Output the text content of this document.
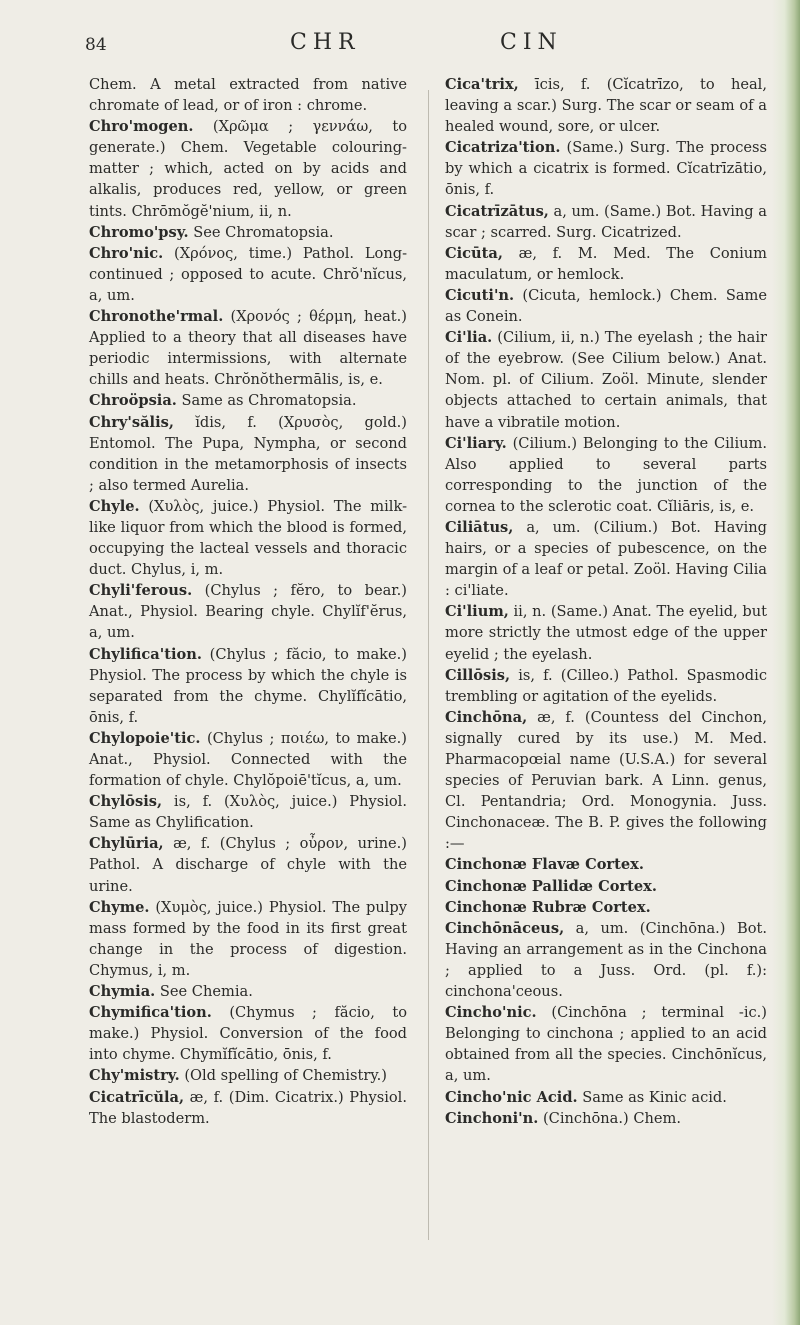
84	CHR	CIN

Chem. A metal extracted from native chromate of lead, or of iron : chrome.

Chro'mogen. (Χρῶμα ; γεννάω, to generate.) Chem. Vegetable colouring-matter ; which, acted on by acids and alkalis, produces red, yellow, or green tints. Chrōmŏgĕ'nium, ii, n.

Chromo'psy. See Chromatopsia.

Chro'nic. (Χρόνος, time.) Pathol. Long-continued ; opposed to acute. Chrŏ'nĭcus, a, um.

Chronothe'rmal. (Χρονός ; θέρμη, heat.) Applied to a theory that all diseases have periodic intermissions, with alternate chills and heats. Chrŏnŏthermālis, is, e.

Chroöpsia. Same as Chromatopsia.

Chry'sălis, ĭdis, f. (Χρυσὸς, gold.) Entomol. The Pupa, Nympha, or second condition in the metamorphosis of insects ; also termed Aurelia.

Chyle. (Χυλὸς, juice.) Physiol. The milk-like liquor from which the blood is formed, occupying the lacteal vessels and thoracic duct. Chylus, i, m.

Chyli'ferous. (Chylus ; fĕro, to bear.) Anat., Physiol. Bearing chyle. Chylĭf'ĕrus, a, um.

Chylifica'tion. (Chylus ; făcio, to make.) Physiol. The process by which the chyle is separated from the chyme. Chylĭfĭcātio, ōnis, f.

Chylopoie'tic. (Chylus ; ποιέω, to make.) Anat., Physiol. Connected with the formation of chyle. Chylŏpoiē'tĭcus, a, um.

Chylōsis, is, f. (Χυλὸς, juice.) Physiol. Same as Chylification.

Chylūria, æ, f. (Chylus ; οὖρον, urine.) Pathol. A discharge of chyle with the urine.

Chyme. (Χυμὸς, juice.) Physiol. The pulpy mass formed by the food in its first great change in the process of digestion. Chymus, i, m.

Chymia. See Chemia.

Chymifica'tion. (Chymus ; făcio, to make.) Physiol. Conversion of the food into chyme. Chymĭfĭcātio, ōnis, f.

Chy'mistry. (Old spelling of Chemistry.)

Cicatrīcŭla, æ, f. (Dim. Cicatrix.) Physiol. The blastoderm.

Cica'trix, īcis, f. (Cĭcatrīzo, to heal, leaving a scar.) Surg. The scar or seam of a healed wound, sore, or ulcer.

Cicatriza'tion. (Same.) Surg. The process by which a cicatrix is formed. Cĭcatrīzātio, ōnis, f.

Cicatrīzātus, a, um. (Same.) Bot. Having a scar ; scarred. Surg. Cicatrized.

Cicūta, æ, f. M. Med. The Conium maculatum, or hemlock.

Cicuti'n. (Cicuta, hemlock.) Chem. Same as Conein.

Ci'lia. (Cilium, ii, n.) The eyelash ; the hair of the eyebrow. (See Cilium below.) Anat. Nom. pl. of Cilium. Zoöl. Minute, slender objects attached to certain animals, that have a vibratile motion.

Ci'liary. (Cilium.) Belonging to the Cilium. Also applied to several parts corresponding to the junction of the cornea to the sclerotic coat. Cĭliāris, is, e.

Ciliātus, a, um. (Cilium.) Bot. Having hairs, or a species of pubescence, on the margin of a leaf or petal. Zoöl. Having Cilia : ci'liate.

Ci'lium, ii, n. (Same.) Anat. The eyelid, but more strictly the utmost edge of the upper eyelid ; the eyelash.

Cillōsis, is, f. (Cilleo.) Pathol. Spasmodic trembling or agitation of the eyelids.

Cinchōna, æ, f. (Countess del Cinchon, signally cured by its use.) M. Med. Pharmacopœial name (U.S.A.) for several species of Peruvian bark. A Linn. genus, Cl. Pentandria; Ord. Monogynia. Juss. Cinchonaceæ. The B. P. gives the following :—

Cinchonæ Flavæ Cortex.

Cinchonæ Pallidæ Cortex.

Cinchonæ Rubræ Cortex.

Cinchōnāceus, a, um. (Cinchōna.) Bot. Having an arrangement as in the Cinchona ; applied to a Juss. Ord. (pl. f.): cinchona'ceous.

Cincho'nic. (Cinchōna ; terminal -ic.) Belonging to cinchona ; applied to an acid obtained from all the species. Cinchōnĭcus, a, um.

Cincho'nic Acid. Same as Kinic acid.

Cinchoni'n. (Cinchōna.) Chem.
